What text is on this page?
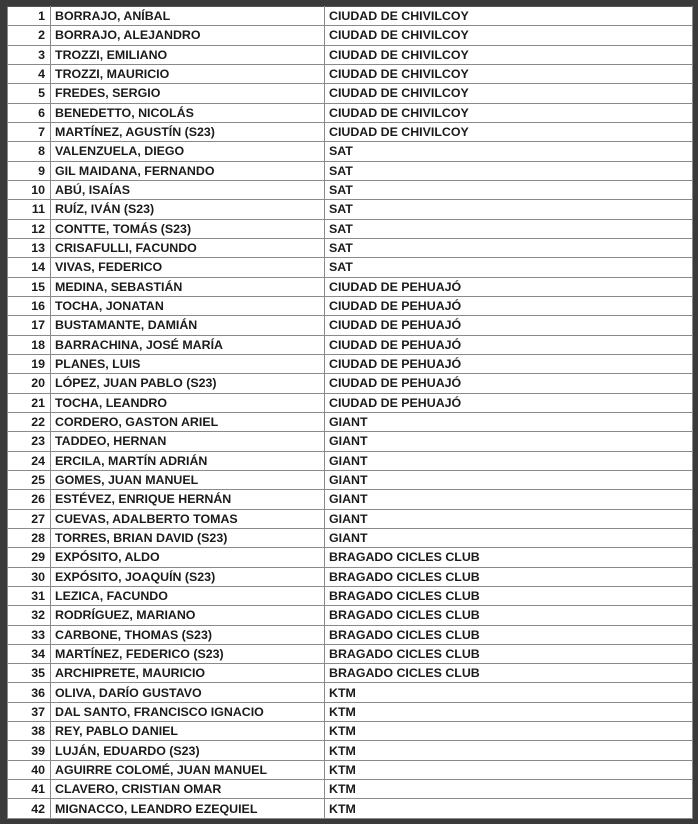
1	BORRAJO, ANÍBAL	CIUDAD DE CHIVILCOY
2	BORRAJO, ALEJANDRO	CIUDAD DE CHIVILCOY
3	TROZZI, EMILIANO	CIUDAD DE CHIVILCOY
4	TROZZI, MAURICIO	CIUDAD DE CHIVILCOY
5	FREDES, SERGIO	CIUDAD DE CHIVILCOY
6	BENEDETTO, NICOLÁS	CIUDAD DE CHIVILCOY
7	MARTÍNEZ, AGUSTÍN (S23)	CIUDAD DE CHIVILCOY
8	VALENZUELA, DIEGO	SAT
9	GIL MAIDANA, FERNANDO	SAT
10	ABÚ, ISAÍAS	SAT
11	RUÍZ, IVÁN (S23)	SAT
12	CONTTE, TOMÁS (S23)	SAT
13	CRISAFULLI, FACUNDO	SAT
14	VIVAS, FEDERICO	SAT
15	MEDINA, SEBASTIÁN	CIUDAD DE PEHUAJÓ
16	TOCHA, JONATAN	CIUDAD DE PEHUAJÓ
17	BUSTAMANTE, DAMIÁN	CIUDAD DE PEHUAJÓ
18	BARRACHINA, JOSÉ MARÍA	CIUDAD DE PEHUAJÓ
19	PLANES, LUIS	CIUDAD DE PEHUAJÓ
20	LÓPEZ, JUAN PABLO (S23)	CIUDAD DE PEHUAJÓ
21	TOCHA, LEANDRO	CIUDAD DE PEHUAJÓ
22	CORDERO, GASTON ARIEL	GIANT
23	TADDEO, HERNAN	GIANT
24	ERCILA, MARTÍN ADRIÁN	GIANT
25	GOMES, JUAN MANUEL	GIANT
26	ESTÉVEZ, ENRIQUE HERNÁN	GIANT
27	CUEVAS, ADALBERTO TOMAS	GIANT
28	TORRES, BRIAN DAVID (S23)	GIANT
29	EXPÓSITO, ALDO	BRAGADO CICLES CLUB
30	EXPÓSITO, JOAQUÍN (S23)	BRAGADO CICLES CLUB
31	LEZICA, FACUNDO	BRAGADO CICLES CLUB
32	RODRÍGUEZ, MARIANO	BRAGADO CICLES CLUB
33	CARBONE, THOMAS (S23)	BRAGADO CICLES CLUB
34	MARTÍNEZ, FEDERICO (S23)	BRAGADO CICLES CLUB
35	ARCHIPRETE, MAURICIO	BRAGADO CICLES CLUB
36	OLIVA, DARÍO GUSTAVO	KTM
37	DAL SANTO, FRANCISCO IGNACIO	KTM
38	REY, PABLO DANIEL	KTM
39	LUJÁN, EDUARDO (S23)	KTM
40	AGUIRRE COLOMÉ, JUAN MANUEL	KTM
41	CLAVERO, CRISTIAN OMAR	KTM
42	MIGNACCO, LEANDRO EZEQUIEL	KTM
